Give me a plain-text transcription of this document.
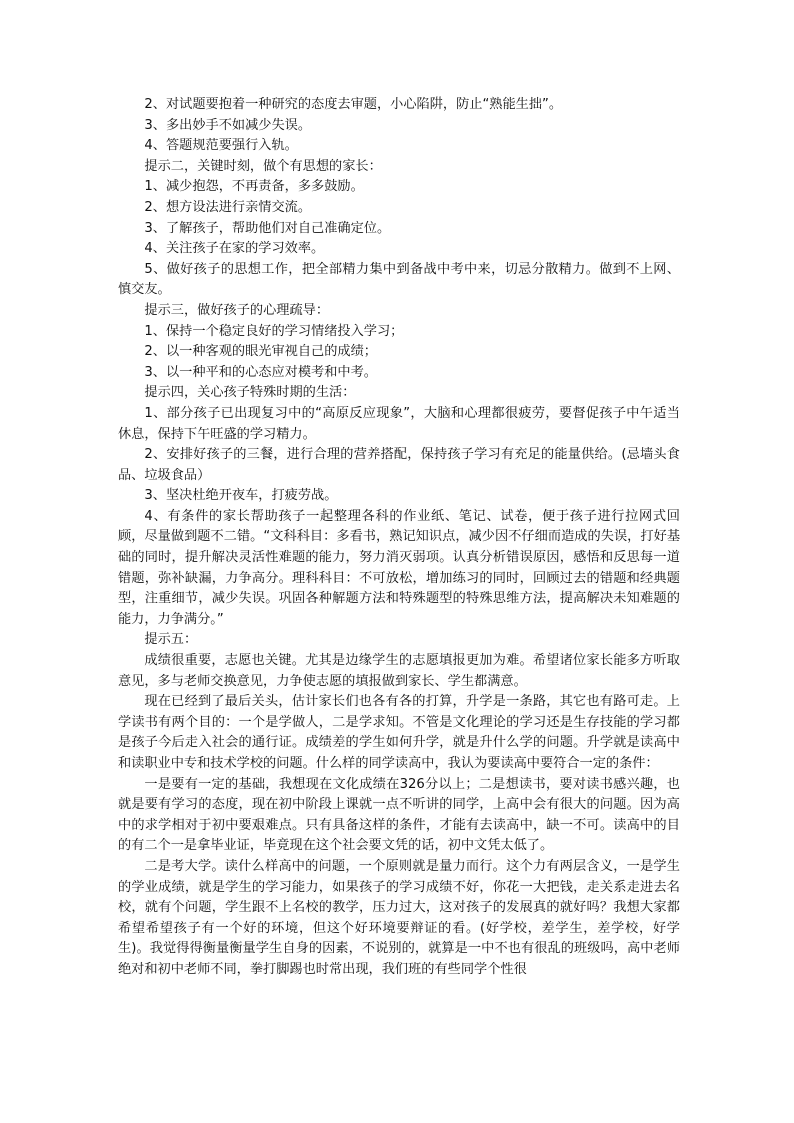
2、对试题要抱着一种研究的态度去审题，小心陷阱，防止“熟能生拙”。

3、多出妙手不如减少失误。

4、答题规范要强行入轨。

提示二，关键时刻，做个有思想的家长：

1、减少抱怨，不再责备，多多鼓励。

2、想方设法进行亲情交流。

3、了解孩子，帮助他们对自己准确定位。

4、关注孩子在家的学习效率。

5、做好孩子的思想工作，把全部精力集中到备战中考中来，切忌分散精力。做到不上网、慎交友。

提示三，做好孩子的心理疏导：

1、保持一个稳定良好的学习情绪投入学习；

2、以一种客观的眼光审视自己的成绩；

3、以一种平和的心态应对模考和中考。

提示四，关心孩子特殊时期的生活：

1、部分孩子已出现复习中的“高原反应现象”，大脑和心理都很疲劳，要督促孩子中午适当休息，保持下午旺盛的学习精力。

2、安排好孩子的三餐，进行合理的营养搭配，保持孩子学习有充足的能量供给。(忌墙头食品、垃圾食品）

3、坚决杜绝开夜车，打疲劳战。

4、有条件的家长帮助孩子一起整理各科的作业纸、笔记、试卷，便于孩子进行拉网式回顾，尽量做到题不二错。“文科科目：多看书，熟记知识点，减少因不仔细而造成的失误，打好基础的同时，提升解决灵活性难题的能力，努力消灭弱项。认真分析错误原因，感悟和反思每一道错题，弥补缺漏，力争高分。理科科目：不可放松，增加练习的同时，回顾过去的错题和经典题型，注重细节，减少失误。巩固各种解题方法和特殊题型的特殊思维方法，提高解决未知难题的能力，力争满分。”

提示五：

成绩很重要，志愿也关键。尤其是边缘学生的志愿填报更加为难。希望诸位家长能多方听取意见，多与老师交换意见，力争使志愿的填报做到家长、学生都满意。

现在已经到了最后关头，估计家长们也各有各的打算，升学是一条路，其它也有路可走。上学读书有两个目的：一个是学做人，二是学求知。不管是文化理论的学习还是生存技能的学习都是孩子今后走入社会的通行证。成绩差的学生如何升学，就是升什么学的问题。升学就是读高中和读职业中专和技术学校的问题。什么样的同学读高中，我认为要读高中要符合一定的条件：

一是要有一定的基础，我想现在文化成绩在326分以上；二是想读书，要对读书感兴趣，也就是要有学习的态度，现在初中阶段上课就一点不听讲的同学，上高中会有很大的问题。因为高中的求学相对于初中要艰难点。只有具备这样的条件，才能有去读高中，缺一不可。读高中的目的有二个一是拿毕业证，毕竟现在这个社会要文凭的话，初中文凭太低了。

二是考大学。读什么样高中的问题，一个原则就是量力而行。这个力有两层含义，一是学生的学业成绩，就是学生的学习能力，如果孩子的学习成绩不好，你花一大把钱，走关系走进去名校，就有个问题，学生跟不上名校的教学，压力过大，这对孩子的发展真的就好吗？我想大家都希望希望孩子有一个好的环境，但这个好环境要辩证的看。(好学校，差学生，差学校，好学生)。我觉得得衡量衡量学生自身的因素，不说别的，就算是一中不也有很乱的班级吗，高中老师绝对和初中老师不同，拳打脚踢也时常出现，我们班的有些同学个性很
